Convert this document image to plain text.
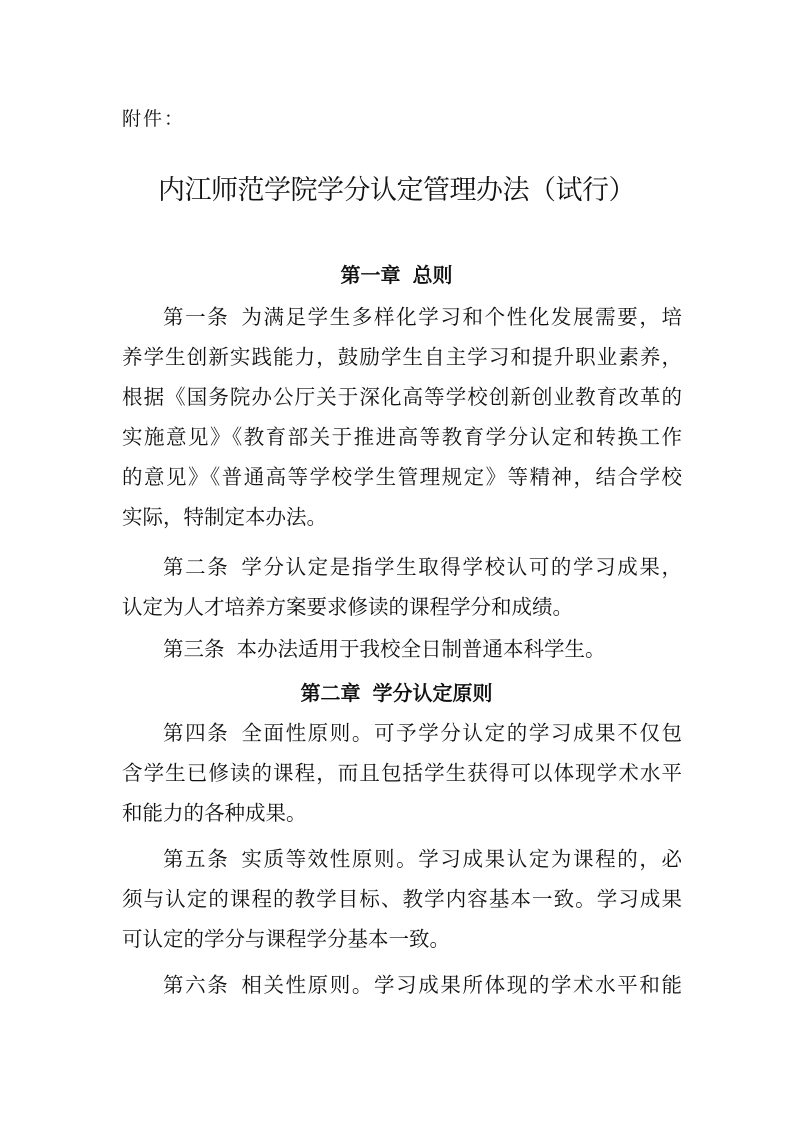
附件：
内江师范学院学分认定管理办法（试行）
第一章 总则
第一条 为满足学生多样化学习和个性化发展需要，培
养学生创新实践能力，鼓励学生自主学习和提升职业素养，
根据《国务院办公厅关于深化高等学校创新创业教育改革的
实施意见》《教育部关于推进高等教育学分认定和转换工作
的意见》《普通高等学校学生管理规定》等精神，结合学校
实际，特制定本办法。
第二条 学分认定是指学生取得学校认可的学习成果，
认定为人才培养方案要求修读的课程学分和成绩。
第三条 本办法适用于我校全日制普通本科学生。
第二章 学分认定原则
第四条 全面性原则。可予学分认定的学习成果不仅包
含学生已修读的课程，而且包括学生获得可以体现学术水平
和能力的各种成果。
第五条 实质等效性原则。学习成果认定为课程的，必
须与认定的课程的教学目标、教学内容基本一致。学习成果
可认定的学分与课程学分基本一致。
第六条 相关性原则。学习成果所体现的学术水平和能
